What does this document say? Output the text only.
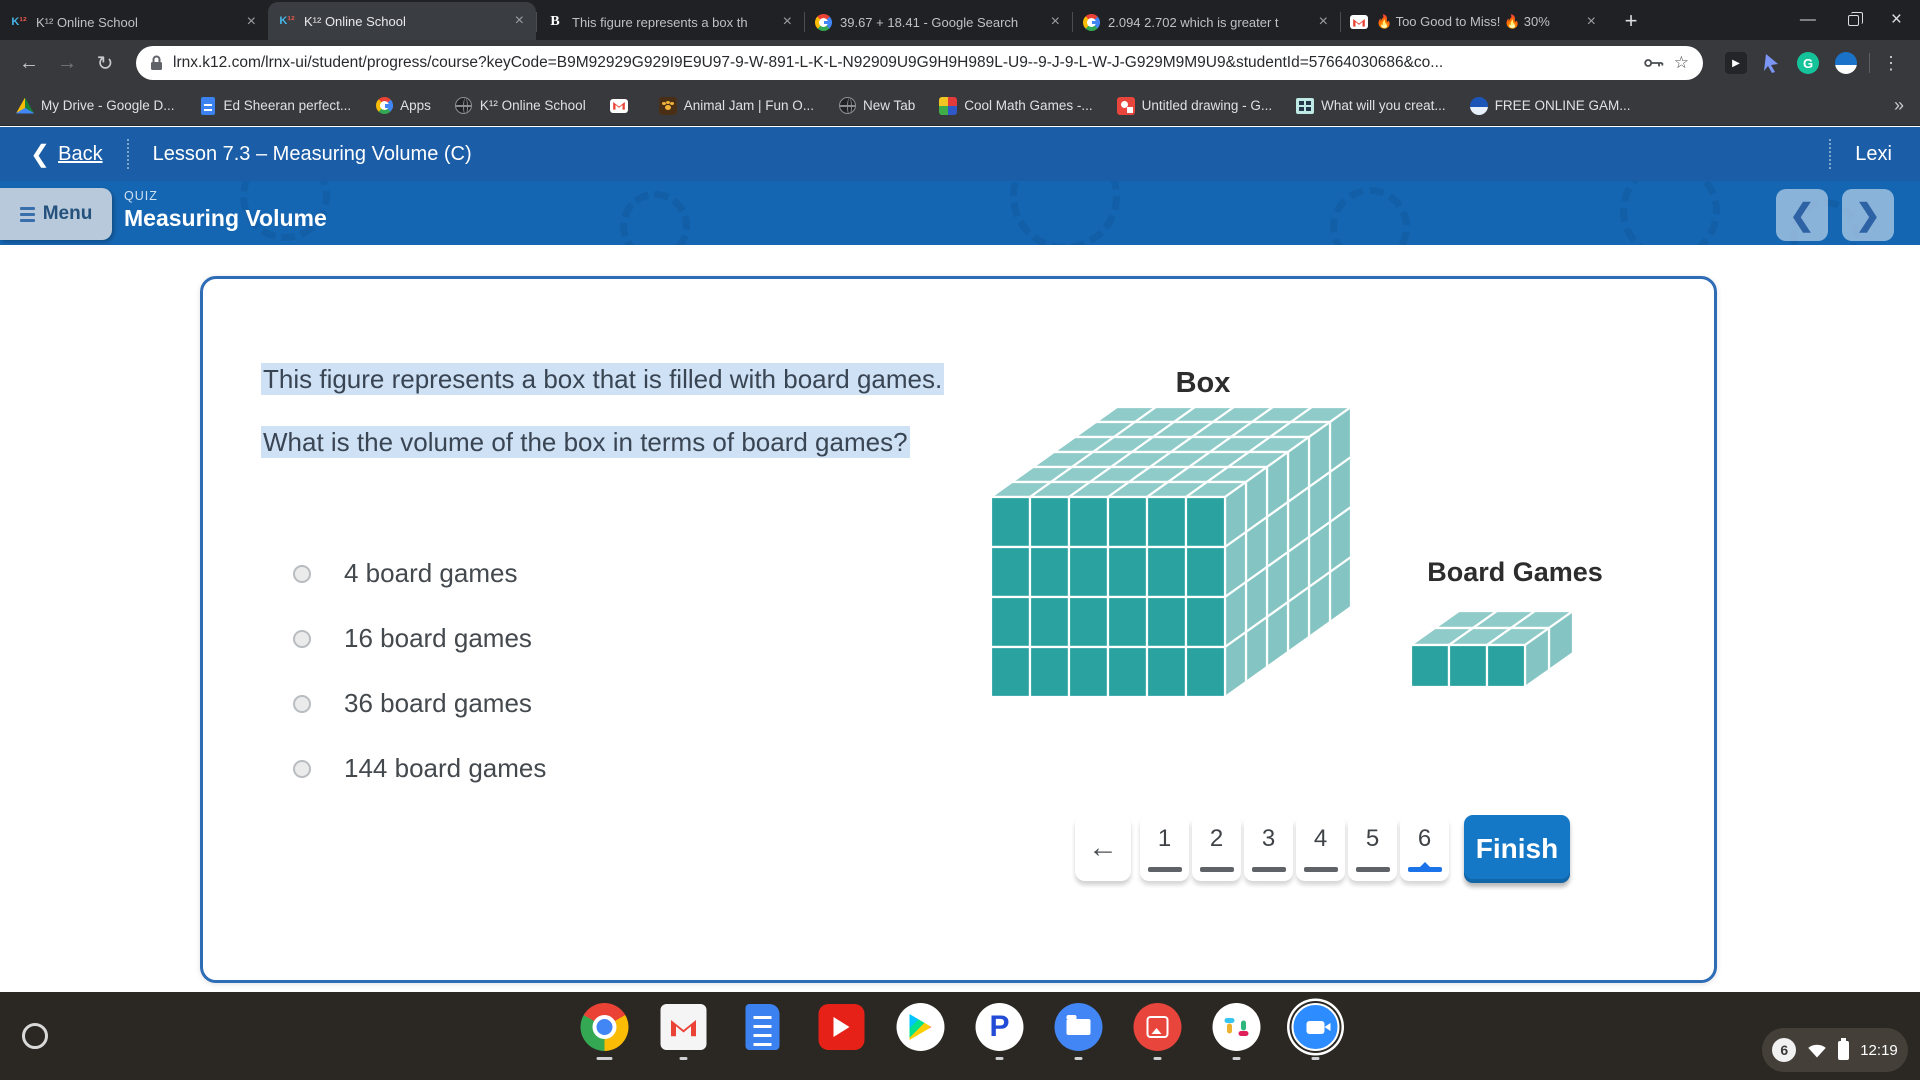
K ¹² K¹² Online School	× K ¹² K¹² Online School	×	B This figure represents a box th	×	39.67 + 18.41 - Google Search	×	2.094 2.702 which is greater t	×	🔥 Too Good to Miss! 🔥 30%	×	+	—	×
← → ↻	lrnx.k12.com/lrnx-ui/student/progress/course?keyCode=B9M92929G929I9E9U97-9-W-891-L-K-L-N92909U9G9H9H989L-U9--9-J-9-L-W-J-G929M9M9U9&studentId=57664030686&co...	☆	▶	G	⋮
My Drive - Google D...	Ed Sheeran perfect...	Apps	K¹² Online School	Animal Jam | Fun O...	New Tab	Cool Math Games -...	Untitled drawing - G...	What will you creat...	FREE ONLINE GAM...	»
❮ Back	Lesson 7.3 – Measuring Volume (C)	Lexi
Menu
QUIZ
Measuring Volume	❮ ❯

This figure represents a box that is filled with board games.

What is the volume of the box in terms of board games?

4 board games
16 board games
36 board games
144 board games
Box
Board Games
←	1	2	3	4	5	6	Finish
P
6	12:19
